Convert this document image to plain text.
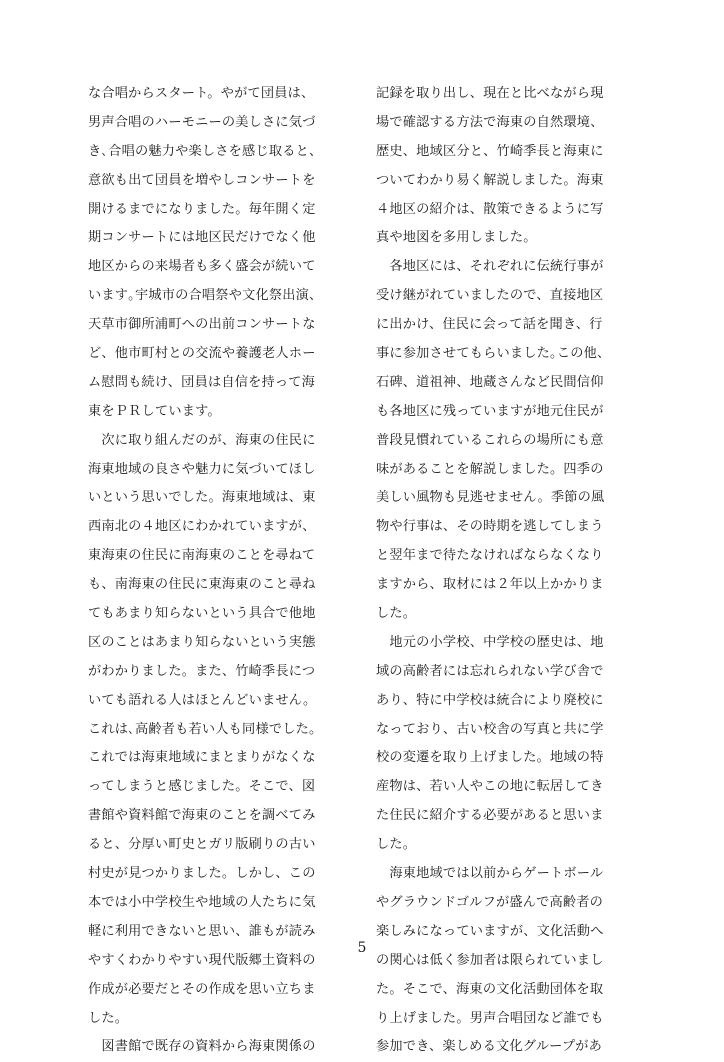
な合唱からスタート。やがて団員は、
男声合唱のハーモニーの美しさに気づ
き､合唱の魅力や楽しさを感じ取ると、
意欲も出て団員を増やしコンサートを
開けるまでになりました。毎年開く定
期コンサートには地区民だけでなく他
地区からの来場者も多く盛会が続いて
います｡宇城市の合唱祭や文化祭出演、
天草市御所浦町への出前コンサートな
ど、他市町村との交流や養護老人ホー
ム慰問も続け、団員は自信を持って海
東をＰＲしています。
　次に取り組んだのが、海東の住民に
海東地域の良さや魅力に気づいてほし
いという思いでした。海東地域は、東
西南北の４地区にわかれていますが、
東海東の住民に南海東のことを尋ねて
も、南海東の住民に東海東のこと尋ね
てもあまり知らないという具合で他地
区のことはあまり知らないという実態
がわかりました。また、竹崎季長につ
いても語れる人はほとんどいません。
これは､高齢者も若い人も同様でした。
これでは海東地域にまとまりがなくな
ってしまうと感じました。そこで、図
書館や資料館で海東のことを調べてみ
ると、分厚い町史とガリ版刷りの古い
村史が見つかりました。しかし、この
本では小中学校生や地域の人たちに気
軽に利用できないと思い、誰もが読み
やすくわかりやすい現代版郷土資料の
作成が必要だとその作成を思い立ちま
した。
　図書館で既存の資料から海東関係の
記録を取り出し、現在と比べながら現
場で確認する方法で海東の自然環境、
歴史、地域区分と、竹崎季長と海東に
ついてわかり易く解説しました。海東
４地区の紹介は、散策できるように写
真や地図を多用しました。
　各地区には、それぞれに伝統行事が
受け継がれていましたので、直接地区
に出かけ、住民に会って話を聞き、行
事に参加させてもらいました｡この他、
石碑、道祖神、地蔵さんなど民間信仰
も各地区に残っていますが地元住民が
普段見慣れているこれらの場所にも意
味があることを解説しました。四季の
美しい風物も見逃せません。季節の風
物や行事は、その時期を逃してしまう
と翌年まで待たなければならなくなり
ますから、取材には２年以上かかりま
した。
　地元の小学校、中学校の歴史は、地
域の高齢者には忘れられない学び舎で
あり、特に中学校は統合により廃校に
なっており、古い校舎の写真と共に学
校の変遷を取り上げました。地域の特
産物は、若い人やこの地に転居してき
た住民に紹介する必要があると思いま
した。
　海東地域では以前からゲートボール
やグラウンドゴルフが盛んで高齢者の
楽しみになっていますが、文化活動へ
の関心は低く参加者は限られていまし
た。そこで、海東の文化活動団体を取
り上げました。男声合唱団など誰でも
参加でき、楽しめる文化グループがあ
5
